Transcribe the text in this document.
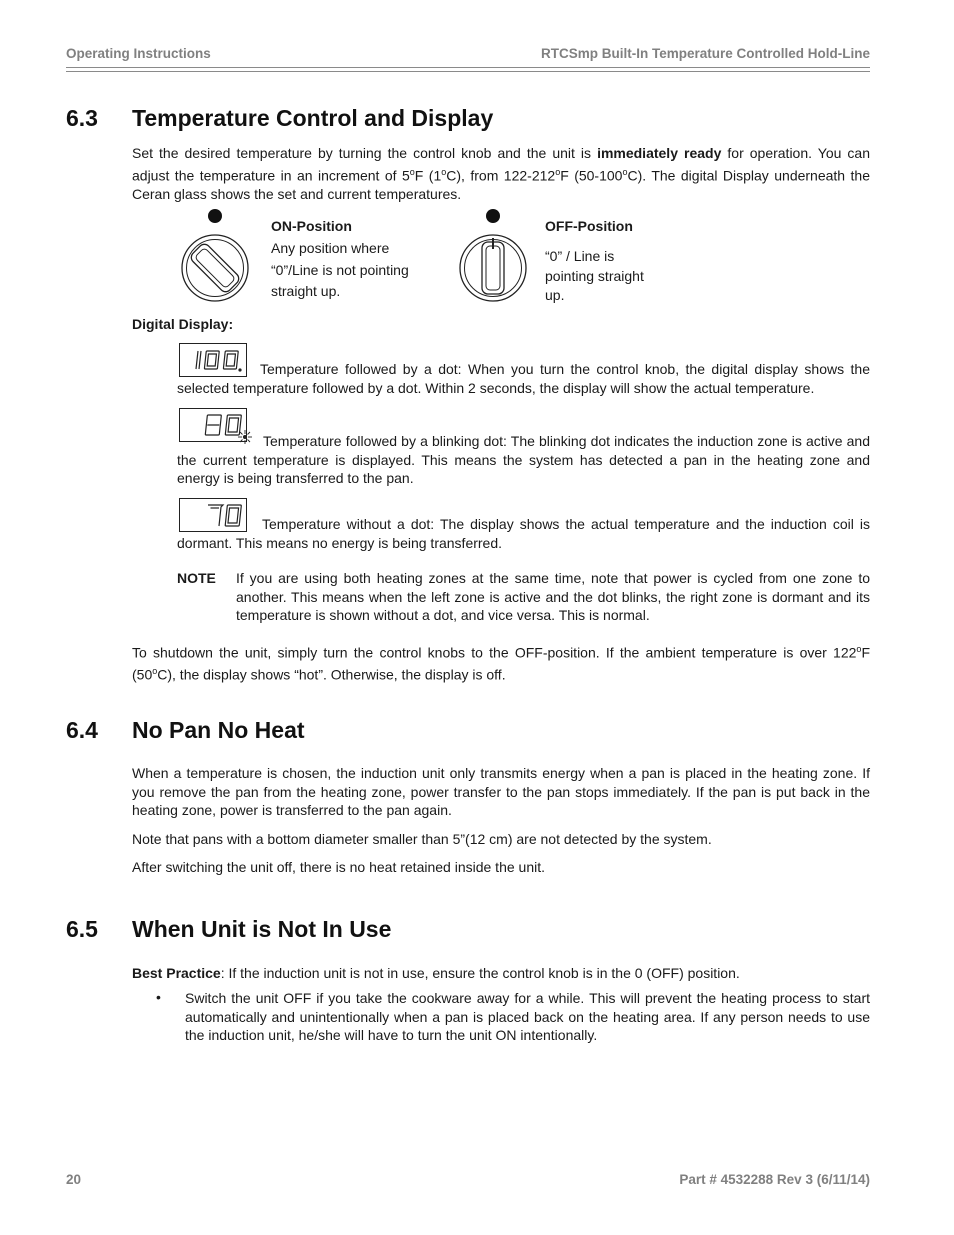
Operating Instructions	RTCSmp Built-In Temperature Controlled Hold-Line
6.3 Temperature Control and Display
Set the desired temperature by turning the control knob and the unit is immediately ready for operation. You can adjust the temperature in an increment of 5$^o$F (1$^o$C), from 122-212$^o$F (50-100$^o$C). The digital Display underneath the Ceran glass shows the set and current temperatures.
ON-Position
Any position where
“0”/Line is not pointing
straight up.
OFF-Position
“0” / Line is
pointing straight
up.
Digital Display:
Temperature followed by a dot: When you turn the control knob, the digital display shows the selected temperature followed by a dot. Within 2 seconds, the display will show the actual temperature.
Temperature followed by a blinking dot: The blinking dot indicates the induction zone is active and the current temperature is displayed. This means the system has detected a pan in the heating zone and energy is being transferred to the pan.
Temperature without a dot: The display shows the actual temperature and the induction coil is dormant. This means no energy is being transferred.
NOTE If you are using both heating zones at the same time, note that power is cycled from one zone to another. This means when the left zone is active and the dot blinks, the right zone is dormant and its temperature is shown without a dot, and vice versa. This is normal.
To shutdown the unit, simply turn the control knobs to the OFF-position. If the ambient temperature is over 122$^o$F (50$^o$C), the display shows “hot”. Otherwise, the display is off.
6.4 No Pan No Heat
When a temperature is chosen, the induction unit only transmits energy when a pan is placed in the heating zone. If you remove the pan from the heating zone, power transfer to the pan stops immediately. If the pan is put back in the heating zone, power is transferred to the pan again.
Note that pans with a bottom diameter smaller than 5”(12 cm) are not detected by the system.
After switching the unit off, there is no heat retained inside the unit.
6.5 When Unit is Not In Use
Best Practice: If the induction unit is not in use, ensure the control knob is in the 0 (OFF) position.
• Switch the unit OFF if you take the cookware away for a while. This will prevent the heating process to start automatically and unintentionally when a pan is placed back on the heating area. If any person needs to use the induction unit, he/she will have to turn the unit ON intentionally.
20	Part # 4532288 Rev 3 (6/11/14)
